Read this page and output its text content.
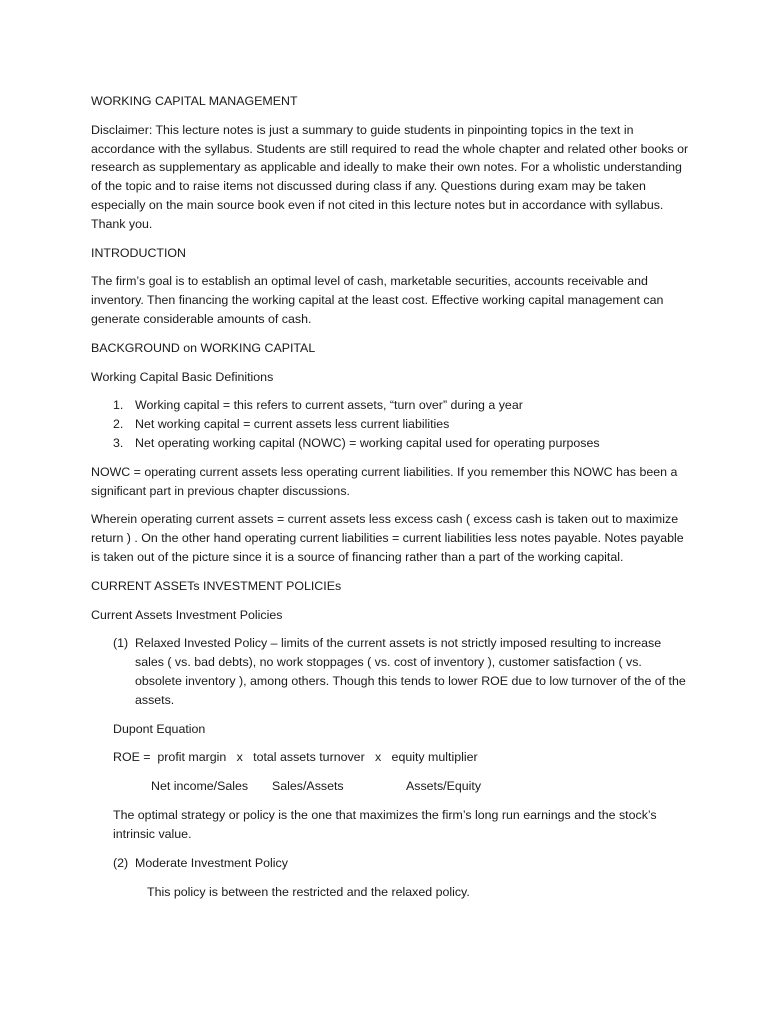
WORKING CAPITAL MANAGEMENT

Disclaimer: This lecture notes is just a summary to guide students in pinpointing topics in the text in accordance with the syllabus. Students are still required to read the whole chapter and related other books or research as supplementary as applicable and ideally to make their own notes. For a wholistic understanding of the topic and to raise items not discussed during class if any. Questions during exam may be taken especially on the main source book even if not cited in this lecture notes but in accordance with syllabus. Thank you.

INTRODUCTION

The firm’s goal is to establish an optimal level of cash, marketable securities, accounts receivable and inventory. Then financing the working capital at the least cost. Effective working capital management can generate considerable amounts of cash.

BACKGROUND on WORKING CAPITAL

Working Capital Basic Definitions

1. Working capital = this refers to current assets, “turn over” during a year
2. Net working capital = current assets less current liabilities
3. Net operating working capital (NOWC) = working capital used for operating purposes

NOWC = operating current assets less operating current liabilities. If you remember this NOWC has been a significant part in previous chapter discussions.

Wherein operating current assets = current assets less excess cash ( excess cash is taken out to maximize return ) . On the other hand operating current liabilities = current liabilities less notes payable. Notes payable is taken out of the picture since it is a source of financing rather than a part of the working capital.

CURRENT ASSETs INVESTMENT POLICIEs

Current Assets Investment Policies

(1) Relaxed Invested Policy – limits of the current assets is not strictly imposed resulting to increase sales ( vs. bad debts), no work stoppages ( vs. cost of inventory ), customer satisfaction ( vs. obsolete inventory ), among others. Though this tends to lower ROE due to low turnover of the of the assets.

Dupont Equation

ROE =  profit margin   x   total assets turnover   x   equity multiplier

Net income/Sales Sales/Assets	Assets/Equity

The optimal strategy or policy is the one that maximizes the firm’s long run earnings and the stock’s intrinsic value.

(2) Moderate Investment Policy

This policy is between the restricted and the relaxed policy.
